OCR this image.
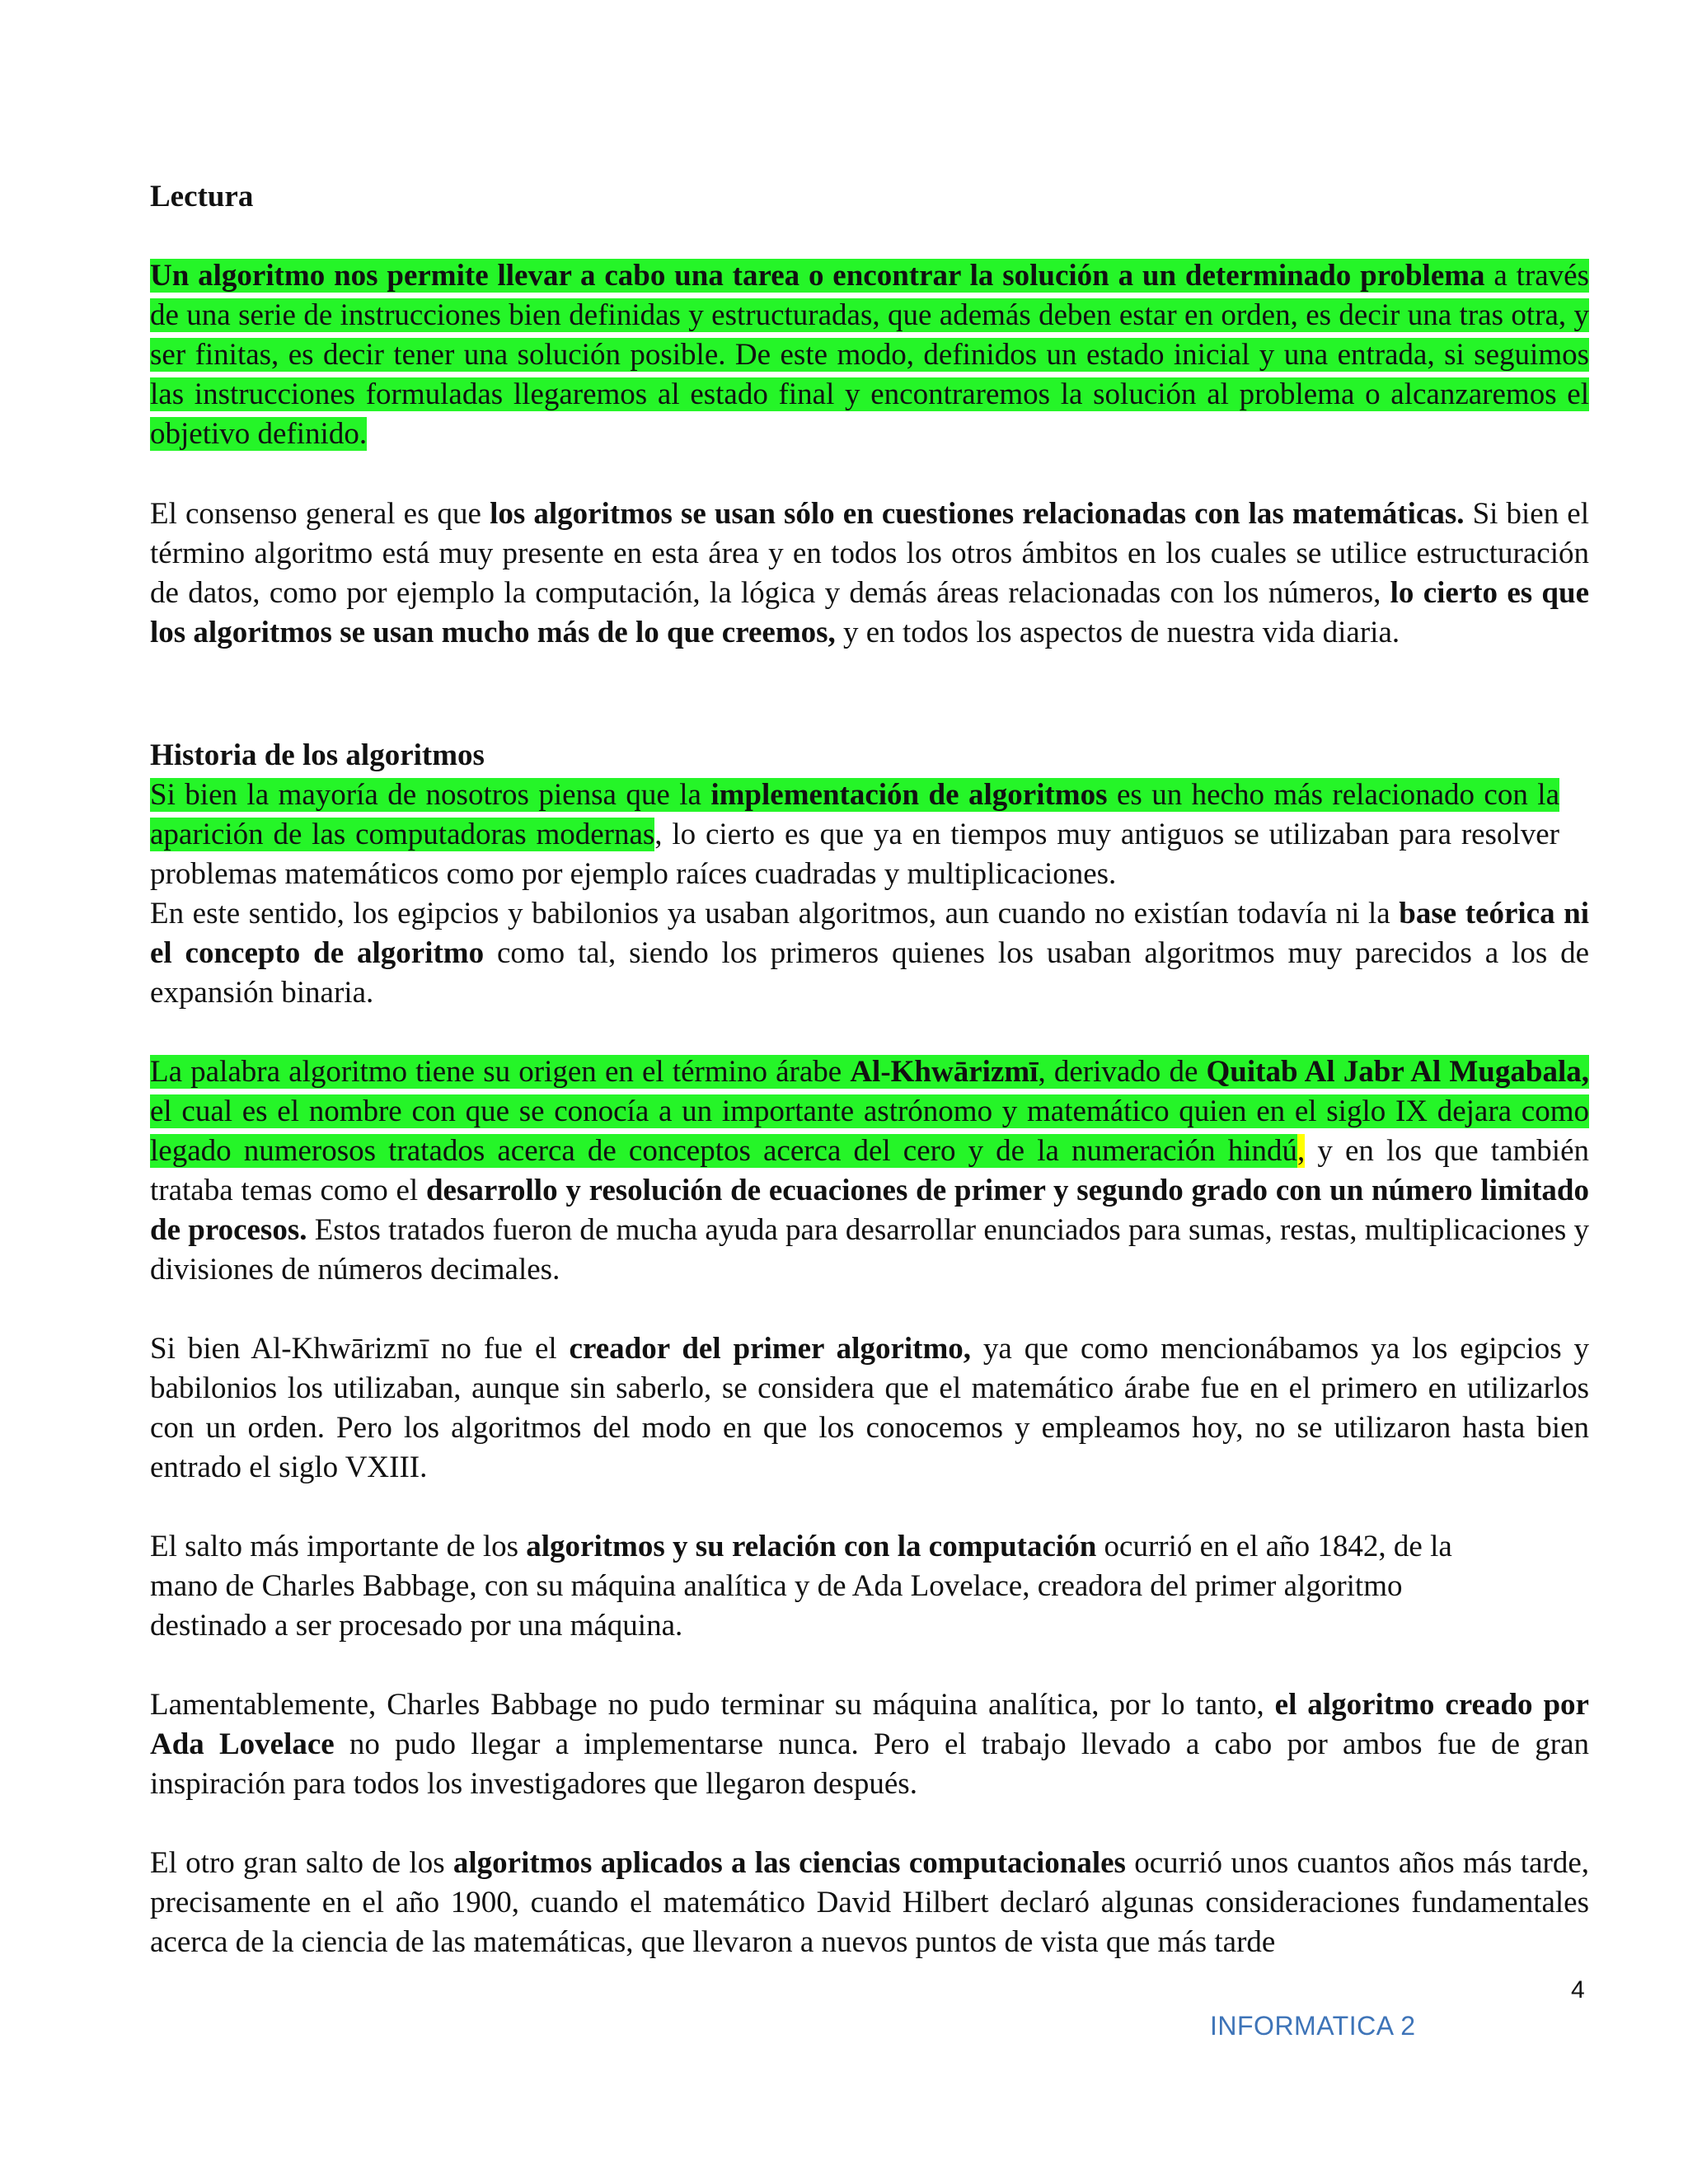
Lectura
Un algoritmo nos permite llevar a cabo una tarea o encontrar la solución a un determinado problema a través de una serie de instrucciones bien definidas y estructuradas, que además deben estar en orden, es decir una tras otra, y ser finitas, es decir tener una solución posible. De este modo, definidos un estado inicial y una entrada, si seguimos las instrucciones formuladas llegaremos al estado final y encontraremos la solución al problema o alcanzaremos el objetivo definido.
El consenso general es que los algoritmos se usan sólo en cuestiones relacionadas con las matemáticas. Si bien el término algoritmo está muy presente en esta área y en todos los otros ámbitos en los cuales se utilice estructuración de datos, como por ejemplo la computación, la lógica y demás áreas relacionadas con los números, lo cierto es que los algoritmos se usan mucho más de lo que creemos, y en todos los aspectos de nuestra vida diaria.
Historia de los algoritmos
Si bien la mayoría de nosotros piensa que la implementación de algoritmos es un hecho más relacionado con la aparición de las computadoras modernas, lo cierto es que ya en tiempos muy antiguos se utilizaban para resolver problemas matemáticos como por ejemplo raíces cuadradas y multiplicaciones.
En este sentido, los egipcios y babilonios ya usaban algoritmos, aun cuando no existían todavía ni la base teórica ni el concepto de algoritmo como tal, siendo los primeros quienes los usaban algoritmos muy parecidos a los de expansión binaria.
La palabra algoritmo tiene su origen en el término árabe Al-Khwārizmī, derivado de Quitab Al Jabr Al Mugabala, el cual es el nombre con que se conocía a un importante astrónomo y matemático quien en el siglo IX dejara como legado numerosos tratados acerca de conceptos acerca del cero y de la numeración hindú, y en los que también trataba temas como el desarrollo y resolución de ecuaciones de primer y segundo grado con un número limitado de procesos. Estos tratados fueron de mucha ayuda para desarrollar enunciados para sumas, restas, multiplicaciones y divisiones de números decimales.
Si bien Al-Khwārizmī no fue el creador del primer algoritmo, ya que como mencionábamos ya los egipcios y babilonios los utilizaban, aunque sin saberlo, se considera que el matemático árabe fue en el primero en utilizarlos con un orden. Pero los algoritmos del modo en que los conocemos y empleamos hoy, no se utilizaron hasta bien entrado el siglo VXIII.
El salto más importante de los algoritmos y su relación con la computación ocurrió en el año 1842, de la
mano de Charles Babbage, con su máquina analítica y de Ada Lovelace, creadora del primer algoritmo
destinado a ser procesado por una máquina.
Lamentablemente, Charles Babbage no pudo terminar su máquina analítica, por lo tanto, el algoritmo creado por Ada Lovelace no pudo llegar a implementarse nunca. Pero el trabajo llevado a cabo por ambos fue de gran inspiración para todos los investigadores que llegaron después.
El otro gran salto de los algoritmos aplicados a las ciencias computacionales ocurrió unos cuantos años más tarde, precisamente en el año 1900, cuando el matemático David Hilbert declaró algunas consideraciones fundamentales acerca de la ciencia de las matemáticas, que llevaron a nuevos puntos de vista que más tarde
4
INFORMATICA 2
